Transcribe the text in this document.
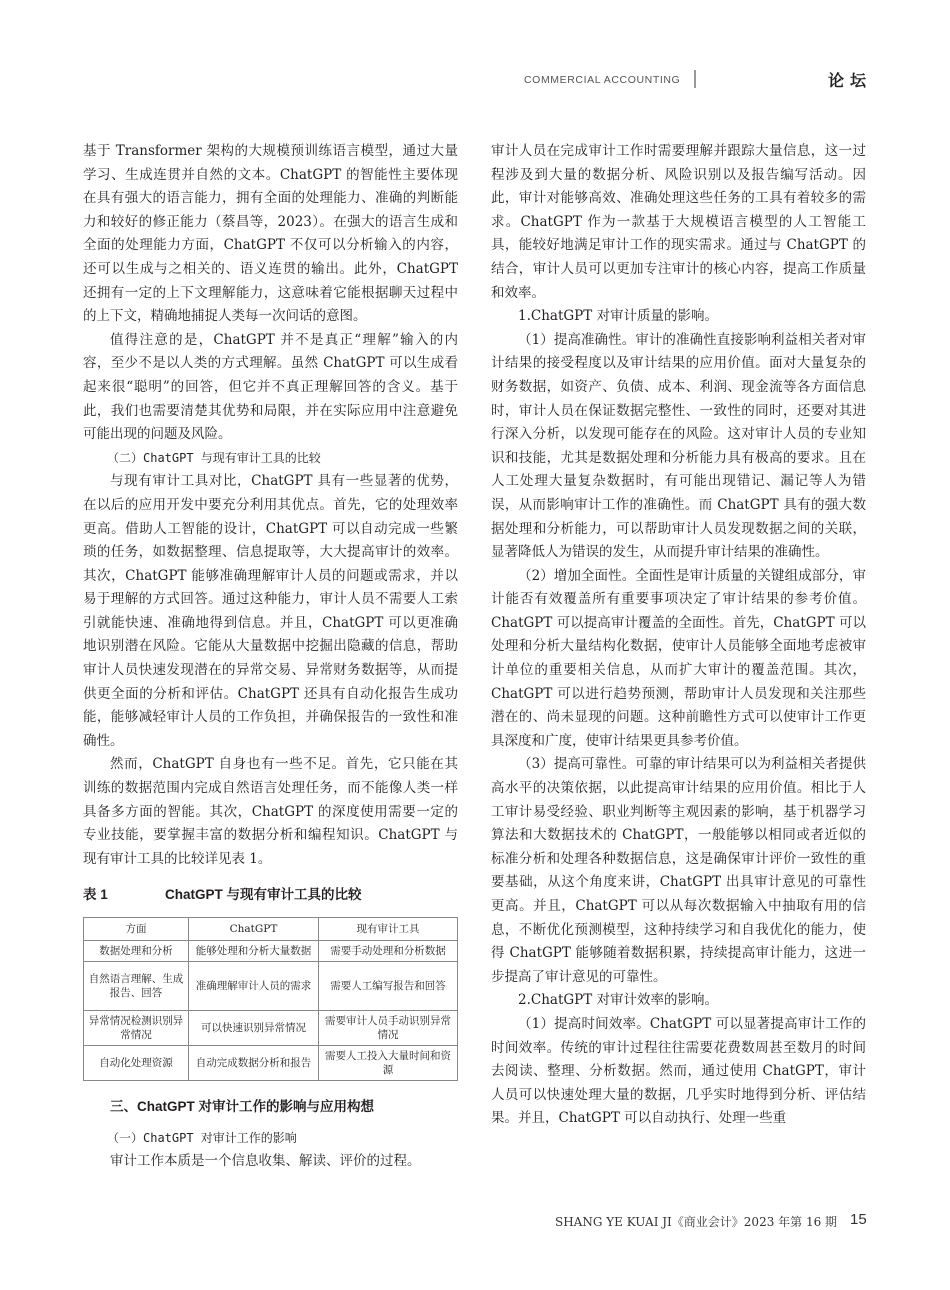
COMMERCIAL ACCOUNTING	论坛

基于 Transformer 架构的大规模预训练语言模型，通过大量学习、生成连贯并自然的文本。ChatGPT 的智能性主要体现在具有强大的语言能力，拥有全面的处理能力、准确的判断能力和较好的修正能力（蔡昌等，2023）。在强大的语言生成和全面的处理能力方面，ChatGPT 不仅可以分析输入的内容，还可以生成与之相关的、语义连贯的输出。此外，ChatGPT 还拥有一定的上下文理解能力，这意味着它能根据聊天过程中的上下文，精确地捕捉人类每一次问话的意图。

值得注意的是，ChatGPT 并不是真正“理解”输入的内容，至少不是以人类的方式理解。虽然 ChatGPT 可以生成看起来很“聪明”的回答，但它并不真正理解回答的含义。基于此，我们也需要清楚其优势和局限，并在实际应用中注意避免可能出现的问题及风险。

（二）ChatGPT 与现有审计工具的比较

与现有审计工具对比，ChatGPT 具有一些显著的优势，在以后的应用开发中要充分利用其优点。首先，它的处理效率更高。借助人工智能的设计，ChatGPT 可以自动完成一些繁琐的任务，如数据整理、信息提取等，大大提高审计的效率。其次，ChatGPT 能够准确理解审计人员的问题或需求，并以易于理解的方式回答。通过这种能力，审计人员不需要人工索引就能快速、准确地得到信息。并且，ChatGPT 可以更准确地识别潜在风险。它能从大量数据中挖掘出隐藏的信息，帮助审计人员快速发现潜在的异常交易、异常财务数据等，从而提供更全面的分析和评估。ChatGPT 还具有自动化报告生成功能，能够减轻审计人员的工作负担，并确保报告的一致性和准确性。

然而，ChatGPT 自身也有一些不足。首先，它只能在其训练的数据范围内完成自然语言处理任务，而不能像人类一样具备多方面的智能。其次，ChatGPT 的深度使用需要一定的专业技能，要掌握丰富的数据分析和编程知识。ChatGPT 与现有审计工具的比较详见表 1。

表 1	ChatGPT 与现有审计工具的比较
方面	ChatGPT	现有审计工具
数据处理和分析	能够处理和分析大量数据	需要手动处理和分析数据
自然语言理解、生成报告、回答	准确理解审计人员的需求	需要人工编写报告和回答
异常情况检测识别异常情况	可以快速识别异常情况	需要审计人员手动识别异常情况
自动化处理资源	自动完成数据分析和报告	需要人工投入大量时间和资源
三、ChatGPT 对审计工作的影响与应用构想

（一）ChatGPT 对审计工作的影响

审计工作本质是一个信息收集、解读、评价的过程。

审计人员在完成审计工作时需要理解并跟踪大量信息，这一过程涉及到大量的数据分析、风险识别以及报告编写活动。因此，审计对能够高效、准确处理这些任务的工具有着较多的需求。ChatGPT 作为一款基于大规模语言模型的人工智能工具，能较好地满足审计工作的现实需求。通过与 ChatGPT 的结合，审计人员可以更加专注审计的核心内容，提高工作质量和效率。

1.ChatGPT 对审计质量的影响。

（1）提高准确性。审计的准确性直接影响利益相关者对审计结果的接受程度以及审计结果的应用价值。面对大量复杂的财务数据，如资产、负债、成本、利润、现金流等各方面信息时，审计人员在保证数据完整性、一致性的同时，还要对其进行深入分析，以发现可能存在的风险。这对审计人员的专业知识和技能，尤其是数据处理和分析能力具有极高的要求。且在人工处理大量复杂数据时，有可能出现错记、漏记等人为错误，从而影响审计工作的准确性。而 ChatGPT 具有的强大数据处理和分析能力，可以帮助审计人员发现数据之间的关联，显著降低人为错误的发生，从而提升审计结果的准确性。

（2）增加全面性。全面性是审计质量的关键组成部分，审计能否有效覆盖所有重要事项决定了审计结果的参考价值。ChatGPT 可以提高审计覆盖的全面性。首先，ChatGPT 可以处理和分析大量结构化数据，使审计人员能够全面地考虑被审计单位的重要相关信息，从而扩大审计的覆盖范围。其次，ChatGPT 可以进行趋势预测，帮助审计人员发现和关注那些潜在的、尚未显现的问题。这种前瞻性方式可以使审计工作更具深度和广度，使审计结果更具参考价值。

（3）提高可靠性。可靠的审计结果可以为利益相关者提供高水平的决策依据，以此提高审计结果的应用价值。相比于人工审计易受经验、职业判断等主观因素的影响，基于机器学习算法和大数据技术的 ChatGPT，一般能够以相同或者近似的标准分析和处理各种数据信息，这是确保审计评价一致性的重要基础，从这个角度来讲，ChatGPT 出具审计意见的可靠性更高。并且，ChatGPT 可以从每次数据输入中抽取有用的信息，不断优化预测模型，这种持续学习和自我优化的能力，使得 ChatGPT 能够随着数据积累，持续提高审计能力，这进一步提高了审计意见的可靠性。

2.ChatGPT 对审计效率的影响。

（1）提高时间效率。ChatGPT 可以显著提高审计工作的时间效率。传统的审计过程往往需要花费数周甚至数月的时间去阅读、整理、分析数据。然而，通过使用 ChatGPT，审计人员可以快速处理大量的数据，几乎实时地得到分析、评估结果。并且，ChatGPT 可以自动执行、处理一些重

SHANG YE KUAI JI《商业会计》2023 年第 16 期 15
